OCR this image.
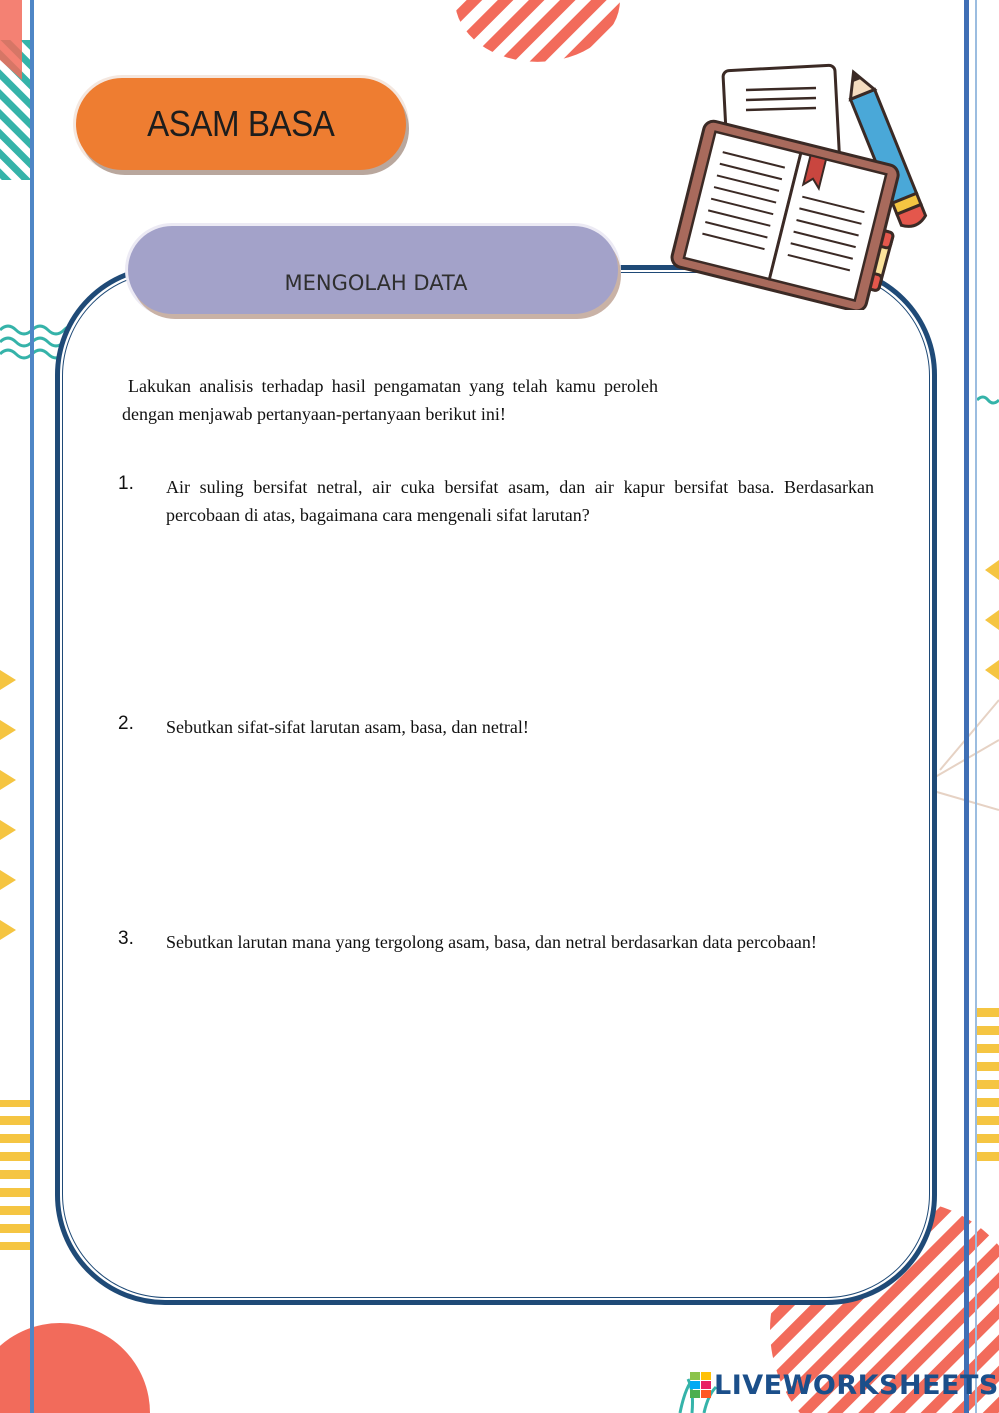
ASAM BASA
MENGOLAH DATA

Lakukan analisis terhadap hasil pengamatan yang telah kamu peroleh dengan menjawab pertanyaan-pertanyaan berikut ini!

1. Air suling bersifat netral, air cuka bersifat asam, dan air kapur bersifat basa. Berdasarkan percobaan di atas, bagaimana cara mengenali sifat larutan?
2. Sebutkan sifat-sifat larutan asam, basa, dan netral!
3. Sebutkan larutan mana yang tergolong asam, basa, dan netral berdasarkan data percobaan!
LIVEWORKSHEETS
